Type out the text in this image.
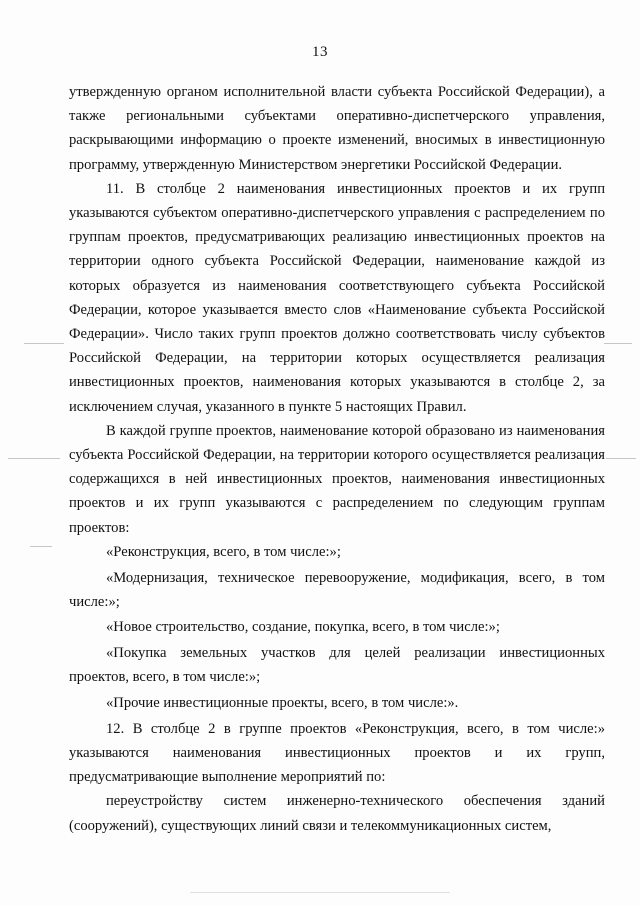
13

утвержденную органом исполнительной власти субъекта Российской Федерации), а также региональными субъектами оперативно-диспетчерского управления, раскрывающими информацию о проекте изменений, вносимых в инвестиционную программу, утвержденную Министерством энергетики Российской Федерации.

11. В столбце 2 наименования инвестиционных проектов и их групп указываются субъектом оперативно-диспетчерского управления с распределением по группам проектов, предусматривающих реализацию инвестиционных проектов на территории одного субъекта Российской Федерации, наименование каждой из которых образуется из наименования соответствующего субъекта Российской Федерации, которое указывается вместо слов «Наименование субъекта Российской Федерации». Число таких групп проектов должно соответствовать числу субъектов Российской Федерации, на территории которых осуществляется реализация инвестиционных проектов, наименования которых указываются в столбце 2, за исключением случая, указанного в пункте 5 настоящих Правил.

В каждой группе проектов, наименование которой образовано из наименования субъекта Российской Федерации, на территории которого осуществляется реализация содержащихся в ней инвестиционных проектов, наименования инвестиционных проектов и их групп указываются с распределением по следующим группам проектов:

«Реконструкция, всего, в том числе:»;

«Модернизация, техническое перевооружение, модификация, всего, в том числе:»;

«Новое строительство, создание, покупка, всего, в том числе:»;

«Покупка земельных участков для целей реализации инвестиционных проектов, всего, в том числе:»;

«Прочие инвестиционные проекты, всего, в том числе:».

12. В столбце 2 в группе проектов «Реконструкция, всего, в том числе:» указываются наименования инвестиционных проектов и их групп, предусматривающие выполнение мероприятий по:

переустройству систем инженерно-технического обеспечения зданий (сооружений), существующих линий связи и телекоммуникационных систем,
